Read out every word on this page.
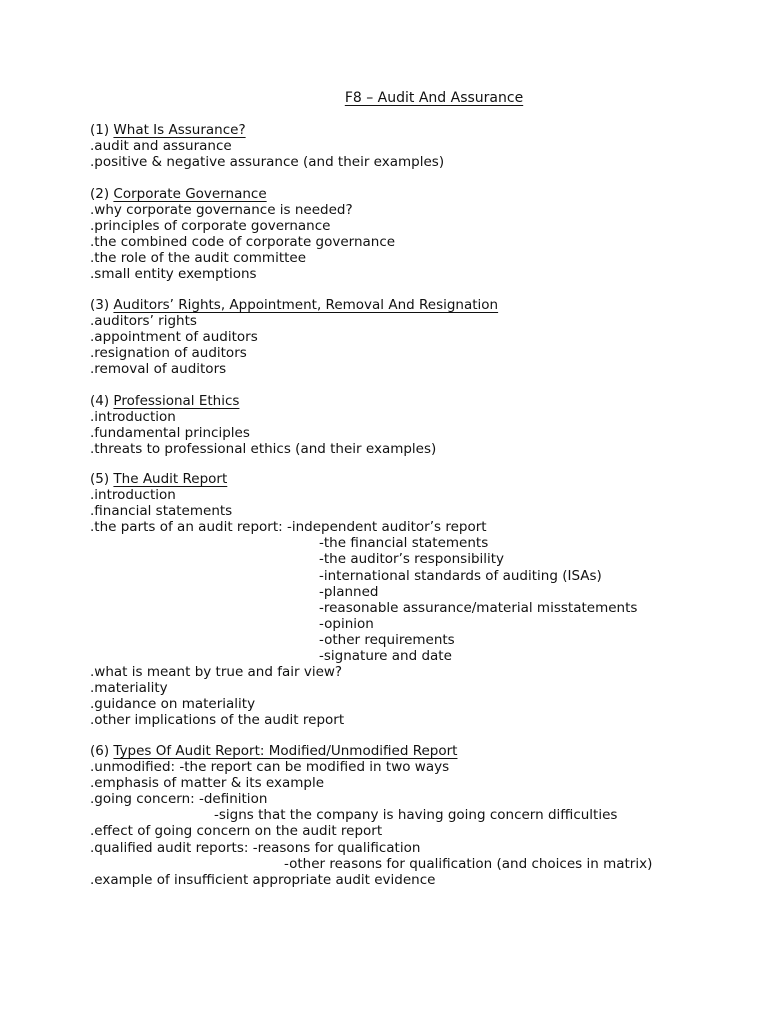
F8 – Audit And Assurance
(1) What Is Assurance?
.audit and assurance
.positive & negative assurance (and their examples)
(2) Corporate Governance
.why corporate governance is needed?
.principles of corporate governance
.the combined code of corporate governance
.the role of the audit committee
.small entity exemptions
(3) Auditors’ Rights, Appointment, Removal And Resignation
.auditors’ rights
.appointment of auditors
.resignation of auditors
.removal of auditors
(4) Professional Ethics
.introduction
.fundamental principles
.threats to professional ethics (and their examples)
(5) The Audit Report
.introduction
.financial statements
.the parts of an audit report: -independent auditor’s report
-the financial statements
-the auditor’s responsibility
-international standards of auditing (ISAs)
-planned
-reasonable assurance/material misstatements
-opinion
-other requirements
-signature and date
.what is meant by true and fair view?
.materiality
.guidance on materiality
.other implications of the audit report
(6) Types Of Audit Report: Modified/Unmodified Report
.unmodified: -the report can be modified in two ways
.emphasis of matter & its example
.going concern: -definition
-signs that the company is having going concern difficulties
.effect of going concern on the audit report
.qualified audit reports: -reasons for qualification
-other reasons for qualification (and choices in matrix)
.example of insufficient appropriate audit evidence
